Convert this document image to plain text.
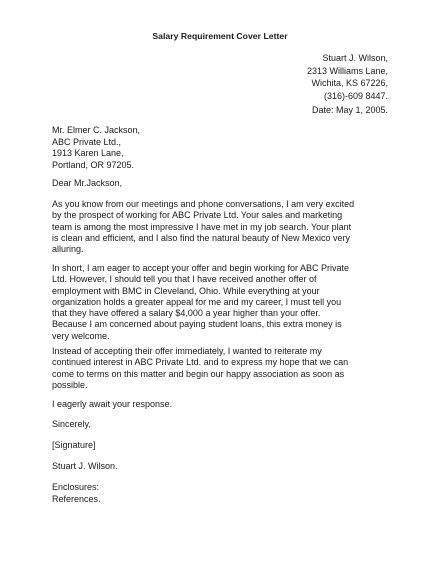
Salary Requirement Cover Letter
Stuart J. Wilson,
2313 Williams Lane,
Wichita, KS 67226,
(316)-609 8447.
Date: May 1, 2005.
Mr. Elmer C. Jackson,
ABC Private Ltd.,
1913 Karen Lane,
Portland, OR 97205.
Dear Mr.Jackson,
As you know from our meetings and phone conversations, I am very excited
by the prospect of working for ABC Private Ltd. Your sales and marketing
team is among the most impressive I have met in my job search. Your plant
is clean and efficient, and I also find the natural beauty of New Mexico very
alluring.
In short, I am eager to accept your offer and begin working for ABC Private
Ltd. However, I should tell you that I have received another offer of
employment with BMC in Cleveland, Ohio. While everything at your
organization holds a greater appeal for me and my career, I must tell you
that they have offered a salary $4,000 a year higher than your offer.
Because I am concerned about paying student loans, this extra money is
very welcome.
Instead of accepting their offer immediately, I wanted to reiterate my
continued interest in ABC Private Ltd. and to express my hope that we can
come to terms on this matter and begin our happy association as soon as
possible.
I eagerly await your response.
Sincerely,
[Signature]
Stuart J. Wilson.
Enclosures:
References.
